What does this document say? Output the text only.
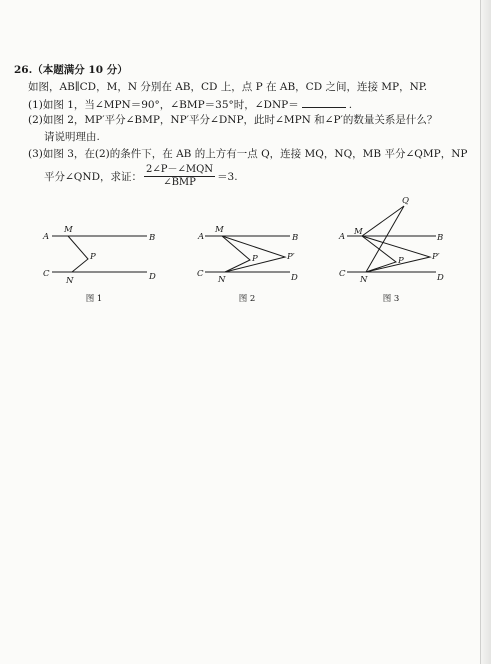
26.（本题满分 10 分）
如图，AB∥CD，M，N 分别在 AB，CD 上，点 P 在 AB，CD 之间，连接 MP，NP.
(1)如图 1，当∠MPN＝90°，∠BMP＝35°时，∠DNP＝	.
(2)如图 2，MP′平分∠BMP，NP′平分∠DNP，此时∠MPN 和∠P′的数量关系是什么？
请说明理由.
(3)如图 3，在(2)的条件下，在 AB 的上方有一点 Q，连接 MQ，NQ，MB 平分∠QMP，NP
平分∠QND，求证： $\frac{\text{2∠P－∠MQN}}{\text{∠BMP}} =3$.
A	B
C	D
M
N
P
A	B
C	D
M
N
P	P′
A	B
C	D
M
N
P	P′
Q
图 1	图 2	图 3
